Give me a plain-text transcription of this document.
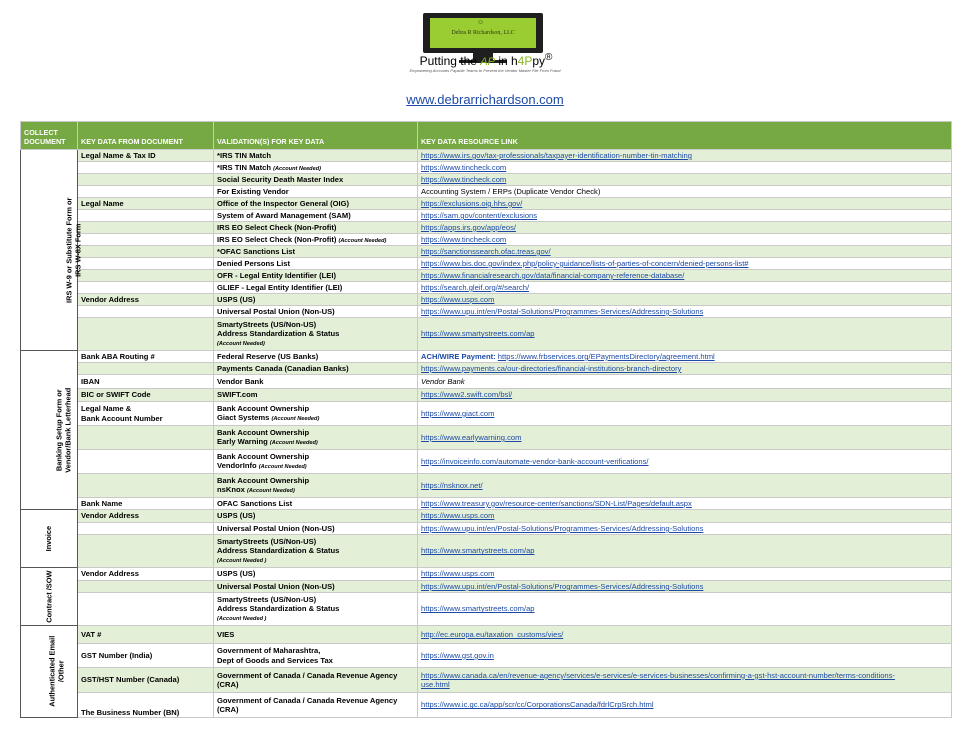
Debra R Richardson, LLC
☺
Putting the AP in h4Ppy®
Empowering Accounts Payable Teams to Prevent the Vendor Master File From Fraud
www.debrarrichardson.com
COLLECT DOCUMENT	KEY DATA FROM DOCUMENT	VALIDATION(S) FOR KEY DATA	KEY DATA RESOURCE LINK
IRS W-9 or Substitute Form or
IRS W-8X Form	Legal Name & Tax ID	*IRS TIN Match	https://www.irs.gov/tax-professionals/taxpayer-identification-number-tin-matching
		*IRS TIN Match (Account Needed)	https://www.tincheck.com
		Social Security Death Master Index	https://www.tincheck.com
		For Existing Vendor	Accounting System / ERPs (Duplicate Vendor Check)
	Legal Name	Office of the Inspector General (OIG)	https://exclusions.oig.hhs.gov/
		System of Award Management (SAM)	https://sam.gov/content/exclusions
		IRS EO Select Check (Non-Profit)	https://apps.irs.gov/app/eos/
		IRS EO Select Check (Non-Profit) (Account Needed)	https://www.tincheck.com
		*OFAC Sanctions List	https://sanctionssearch.ofac.treas.gov/
		Denied Persons List	https://www.bis.doc.gov/index.php/policy-guidance/lists-of-parties-of-concern/denied-persons-list#
		OFR - Legal Entity Identifier (LEI)	https://www.financialresearch.gov/data/financial-company-reference-database/
		GLIEF - Legal Entity Identifier (LEI)	https://search.gleif.org/#/search/
	Vendor Address	USPS (US)	https://www.usps.com
		Universal Postal Union (Non-US)	https://www.upu.int/en/Postal-Solutions/Programmes-Services/Addressing-Solutions
		SmartyStreets (US/Non-US)
Address Standardization & Status
(Account Needed)	https://www.smartystreets.com/ap
Banking Setup Form or
Vendor/Bank Letterhead	Bank ABA Routing #	Federal Reserve (US Banks)	ACH/WIRE Payment: https://www.frbservices.org/EPaymentsDirectory/agreement.html
		Payments Canada (Canadian Banks)	https://www.payments.ca/our-directories/financial-institutions-branch-directory
	IBAN	Vendor Bank	Vendor Bank
	BIC or SWIFT Code	SWIFT.com	https://www2.swift.com/bsl/
	Legal Name &
Bank Account Number	Bank Account Ownership
Giact Systems (Account Needed)	https://www.giact.com
		Bank Account Ownership
Early Warning (Account Needed)	https://www.earlywarning.com
		Bank Account Ownership
VendorInfo (Account Needed)	https://invoiceinfo.com/automate-vendor-bank-account-verifications/
		Bank Account Ownership
nsKnox (Account Needed)	https://nsknox.net/
	Bank Name	OFAC Sanctions List	https://www.treasury.gov/resource-center/sanctions/SDN-List/Pages/default.aspx
Invoice	Vendor Address	USPS (US)	https://www.usps.com
		Universal Postal Union (Non-US)	https://www.upu.int/en/Postal-Solutions/Programmes-Services/Addressing-Solutions
		SmartyStreets (US/Non-US)
Address Standardization & Status
(Account Needed )	https://www.smartystreets.com/ap
Contract /SOW	Vendor Address	USPS (US)	https://www.usps.com
		Universal Postal Union (Non-US)	https://www.upu.int/en/Postal-Solutions/Programmes-Services/Addressing-Solutions
		SmartyStreets (US/Non-US)
Address Standardization & Status
(Account Needed )	https://www.smartystreets.com/ap
Authenticated Email
/Other	VAT #	VIES	http://ec.europa.eu/taxation_customs/vies/
	GST Number (India)	Government of Maharashtra,
Dept of Goods and Services Tax	https://www.gst.gov.in
	GST/HST Number (Canada)	Government of Canada / Canada Revenue Agency
(CRA)	https://www.canada.ca/en/revenue-agency/services/e-services/e-services-businesses/confirming-a-gst-hst-account-number/terms-conditions-
use.html
	The Business Number (BN)	Government of Canada / Canada Revenue Agency
(CRA)	https://www.ic.gc.ca/app/scr/cc/CorporationsCanada/fdrlCrpSrch.html
